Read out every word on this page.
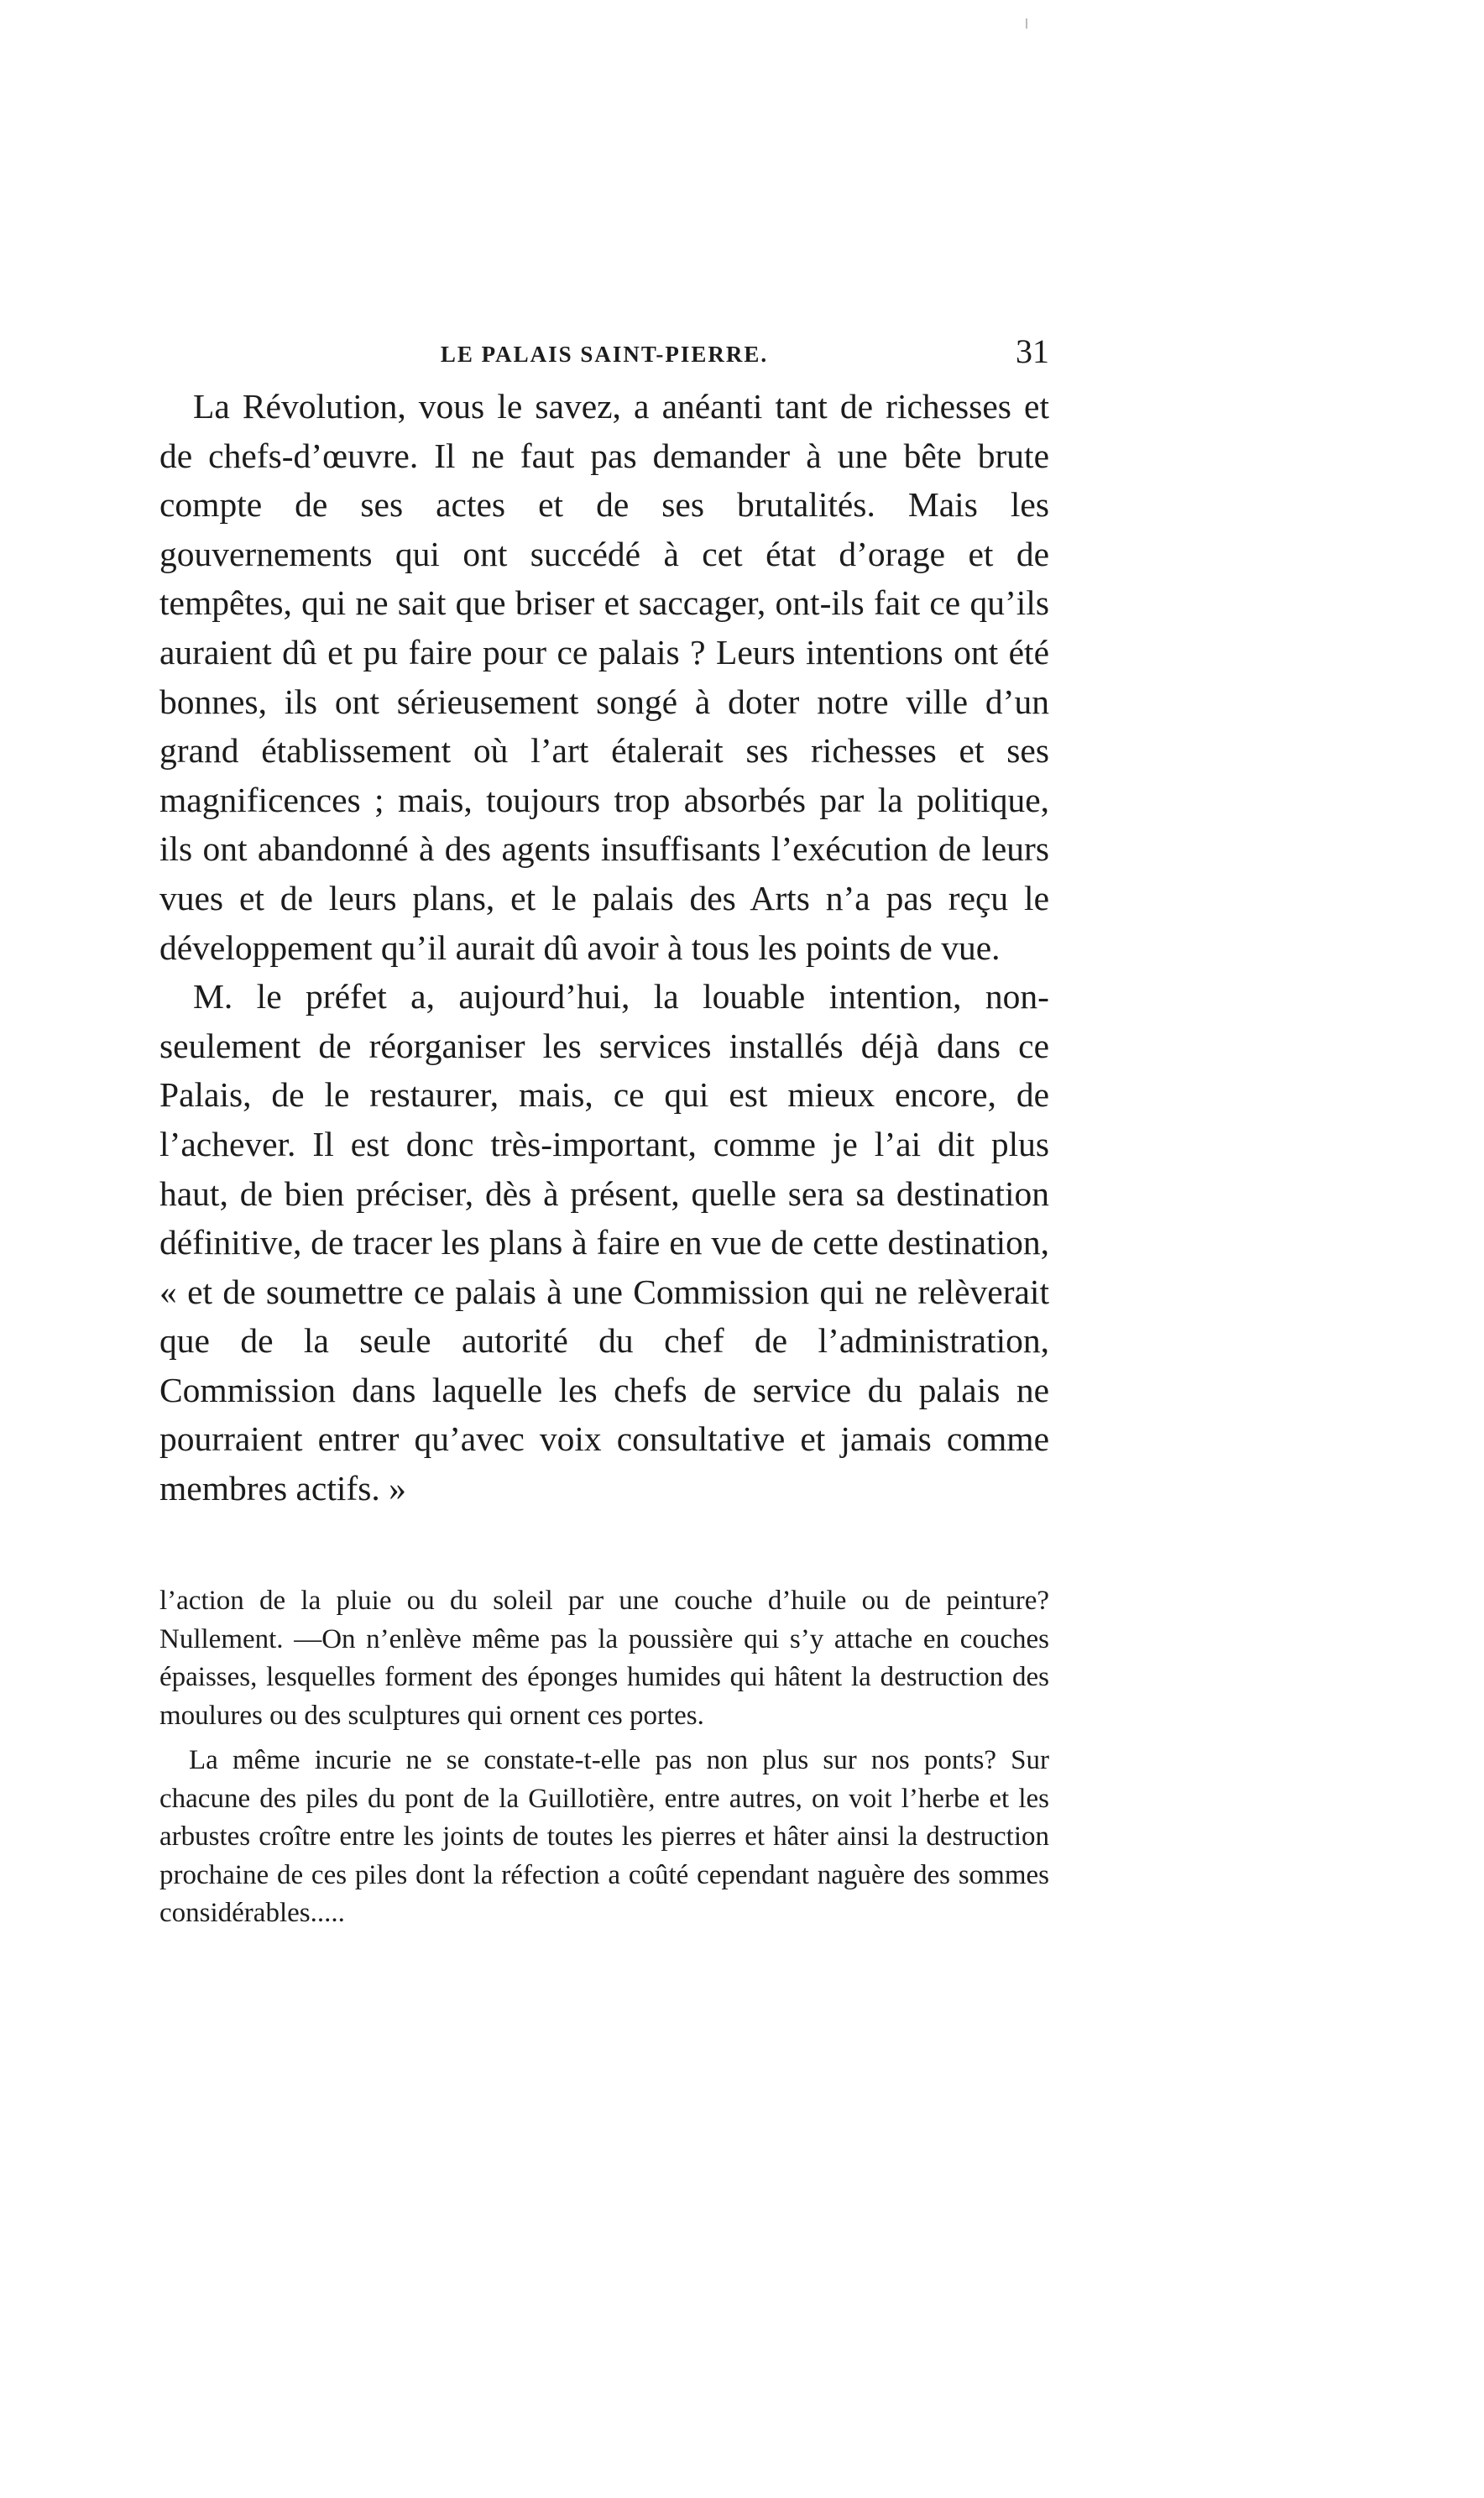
LE PALAIS SAINT-PIERRE.	31

La Révolution, vous le savez, a anéanti tant de richesses et de chefs-d’œuvre. Il ne faut pas demander à une bête brute compte de ses actes et de ses brutalités. Mais les gouvernements qui ont succédé à cet état d’orage et de tempêtes, qui ne sait que briser et saccager, ont-ils fait ce qu’ils auraient dû et pu faire pour ce palais ? Leurs intentions ont été bonnes, ils ont sérieusement songé à doter notre ville d’un grand établissement où l’art étalerait ses richesses et ses magnificences ; mais, toujours trop absorbés par la politique, ils ont abandonné à des agents insuffisants l’exécution de leurs vues et de leurs plans, et le palais des Arts n’a pas reçu le développement qu’il aurait dû avoir à tous les points de vue.

M. le préfet a, aujourd’hui, la louable intention, non-seulement de réorganiser les services installés déjà dans ce Palais, de le restaurer, mais, ce qui est mieux encore, de l’achever. Il est donc très-important, comme je l’ai dit plus haut, de bien préciser, dès à présent, quelle sera sa destination définitive, de tracer les plans à faire en vue de cette destination, « et de soumettre ce palais à une Commission qui ne relèverait que de la seule autorité du chef de l’administration, Commission dans laquelle les chefs de service du palais ne pourraient entrer qu’avec voix consultative et jamais comme membres actifs. »

l’action de la pluie ou du soleil par une couche d’huile ou de peinture? Nullement. —On n’enlève même pas la poussière qui s’y attache en couches épaisses, lesquelles forment des éponges humides qui hâtent la destruction des moulures ou des sculptures qui ornent ces portes.

La même incurie ne se constate-t-elle pas non plus sur nos ponts? Sur chacune des piles du pont de la Guillotière, entre autres, on voit l’herbe et les arbustes croître entre les joints de toutes les pierres et hâter ainsi la destruction prochaine de ces piles dont la réfection a coûté cependant naguère des sommes considérables.....
